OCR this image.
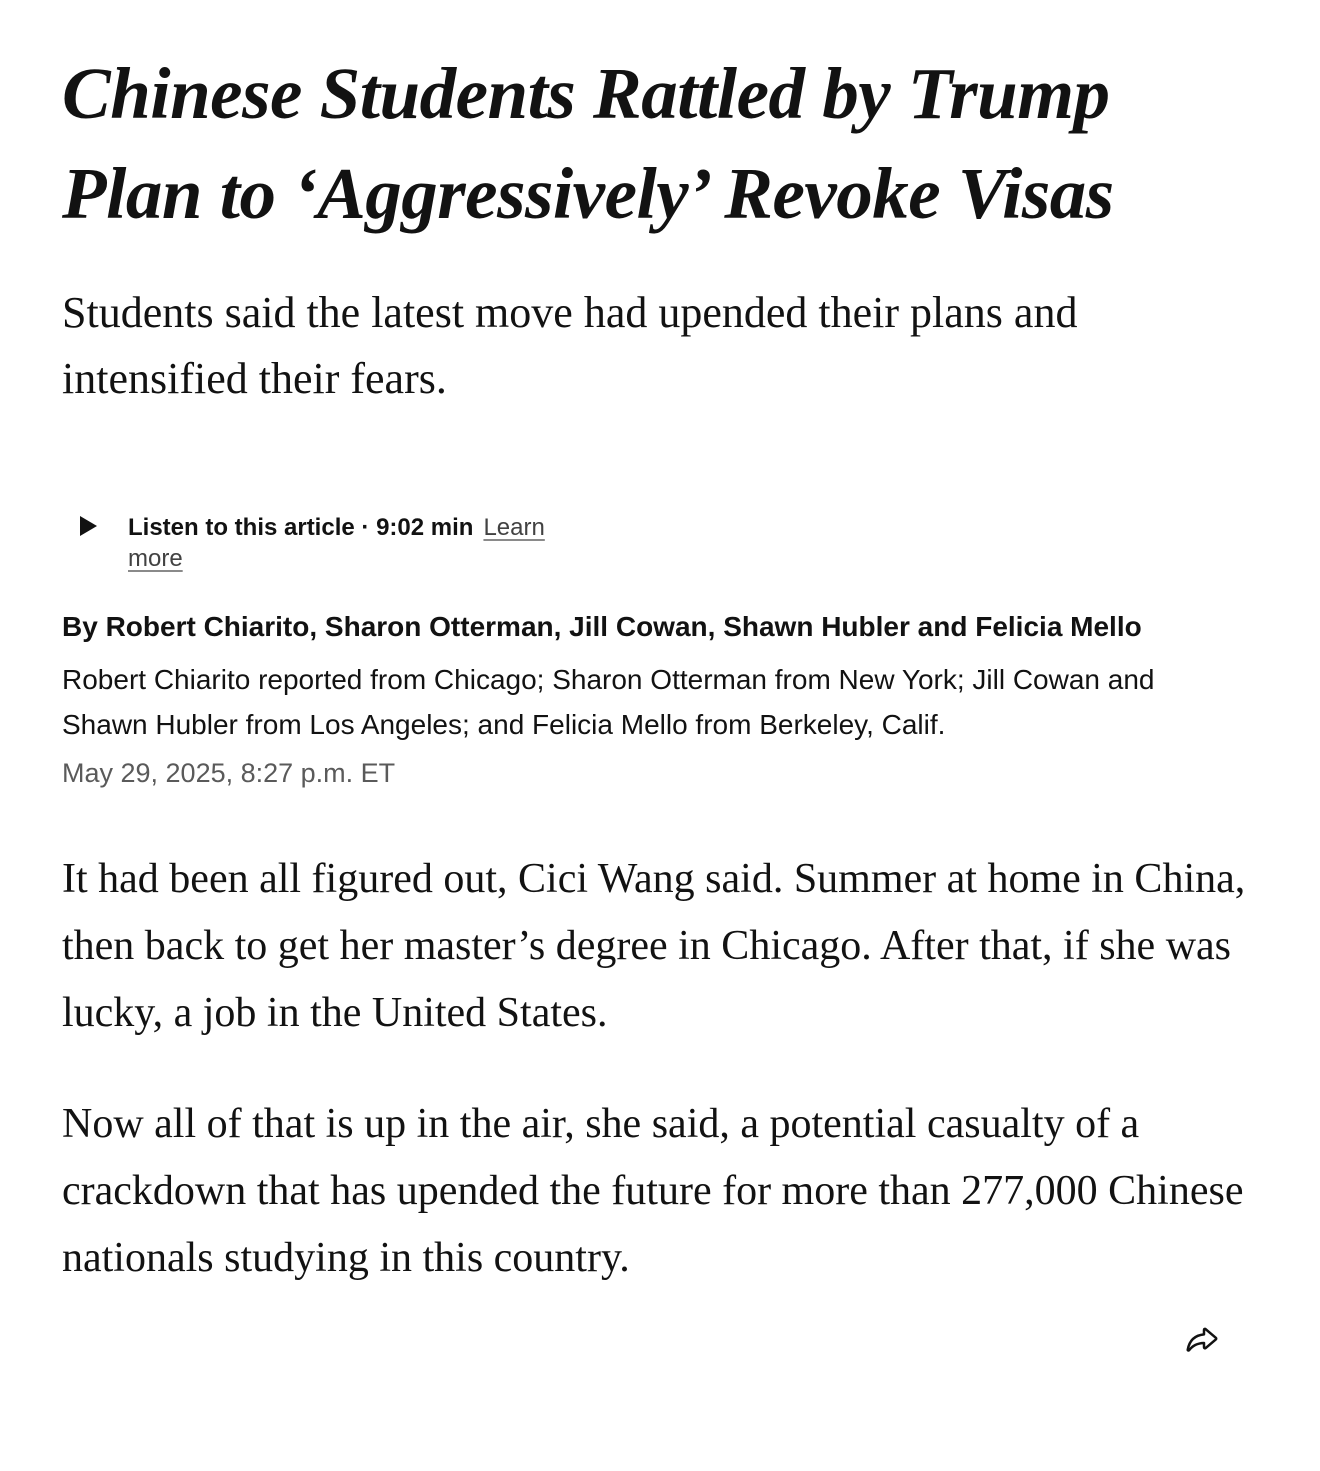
Chinese Students Rattled by Trump Plan to ‘Aggressively’ Revoke Visas

Students said the latest move had upended their plans and intensified their fears.

Listen to this article · 9:02 min Learn more

By Robert Chiarito, Sharon Otterman, Jill Cowan, Shawn Hubler and Felicia Mello

Robert Chiarito reported from Chicago; Sharon Otterman from New York; Jill Cowan and Shawn Hubler from Los Angeles; and Felicia Mello from Berkeley, Calif.

May 29, 2025, 8:27 p.m. ET

It had been all figured out, Cici Wang said. Summer at home in China, then back to get her master’s degree in Chicago. After that, if she was lucky, a job in the United States.

Now all of that is up in the air, she said, a potential casualty of a crackdown that has upended the future for more than 277,000 Chinese nationals studying in this country.
